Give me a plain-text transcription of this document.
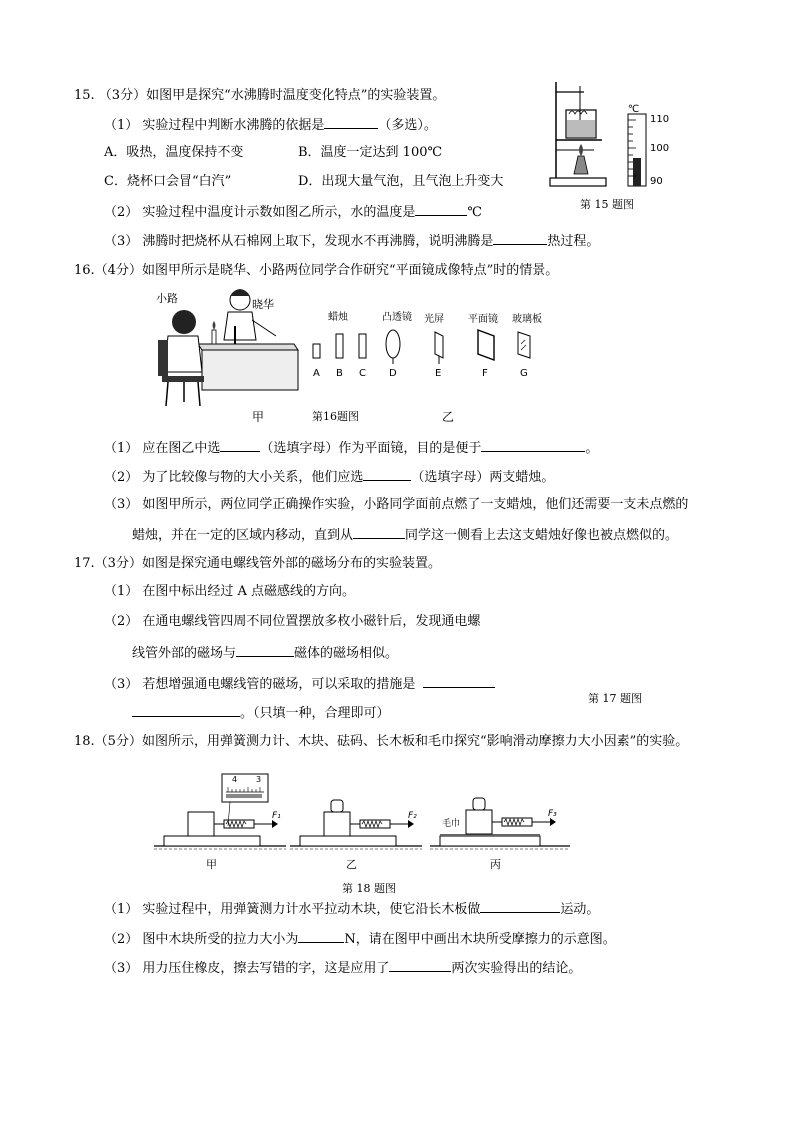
15. （3分）如图甲是探究“水沸腾时温度变化特点”的实验装置。
（1） 实验过程中判断水沸腾的依据是	（多选）。
A．吸热，温度保持不变	B．温度一定达到 100℃
C．烧杯口会冒“白汽”	D．出现大量气泡，且气泡上升变大
（2） 实验过程中温度计示数如图乙所示，水的温度是	℃
（3） 沸腾时把烧杯从石棉网上取下，发现水不再沸腾，说明沸腾是	热过程。
℃
110
100
90
第 15 题图
16.（4分）如图甲所示是晓华、小路两位同学合作研究“平面镜成像特点”时的情景。
小路	晓华
蜡烛	凸透镜 光屏 平面镜 玻璃板
A B C D	E	F	G
甲	第16题图	乙
（1） 应在图乙中选	（选填字母）作为平面镜，目的是便于	。
（2） 为了比较像与物的大小关系，他们应选	（选填字母）两支蜡烛。
（3） 如图甲所示，两位同学正确操作实验，小路同学面前点燃了一支蜡烛，他们还需要一支未点燃的
蜡烛，并在一定的区域内移动，直到从	同学这一侧看上去这支蜡烛好像也被点燃似的。
17.（3分）如图是探究通电螺线管外部的磁场分布的实验装置。
（1） 在图中标出经过 A 点磁感线的方向。
（2） 在通电螺线管四周不同位置摆放多枚小磁针后，发现通电螺
线管外部的磁场与	磁体的磁场相似。
（3） 若想增强通电螺线管的磁场，可以采取的措施是
。（只填一种，合理即可）
第 17 题图
18.（5分）如图所示，用弹簧测力计、木块、砝码、长木板和毛巾探究“影响滑动摩擦力大小因素”的实验。
F₁
4 3
F₂
毛巾
F₃
甲	乙	丙
第 18 题图
（1） 实验过程中，用弹簧测力计水平拉动木块，使它沿长木板做	运动。
（2） 图中木块所受的拉力大小为	N，请在图甲中画出木块所受摩擦力的示意图。
（3） 用力压住橡皮，擦去写错的字，这是应用了	两次实验得出的结论。
